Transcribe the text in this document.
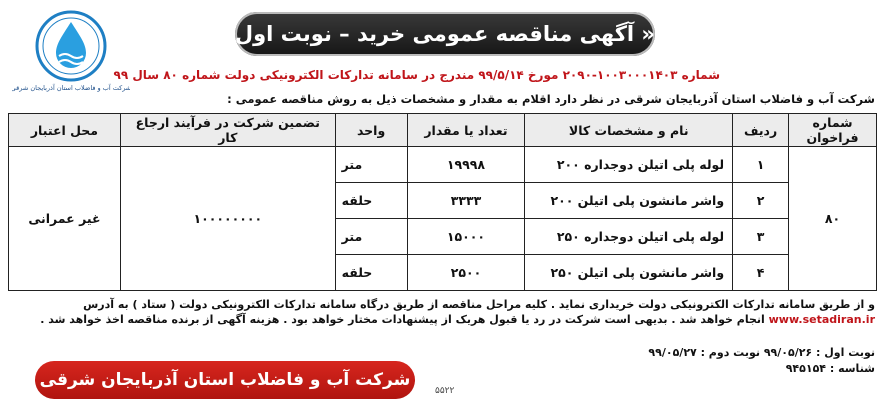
« آگهی مناقصه عمومی خرید – نوبت اول »
شرکت آب و فاضلاب استان آذربایجان شرقی
شماره ۱۰۰۳۰۰۰۱۴۰۳-۲۰۹۰ مورخ ۹۹/۵/۱۴ مندرج در سامانه تدارکات الکترونیکی دولت شماره ۸۰ سال ۹۹
شرکت آب و فاضلاب استان آذربایجان شرقی در نظر دارد اقلام به مقدار و مشخصات ذیل به روش مناقصه عمومی :
شماره فراخوان	ردیف	نام و مشخصات کالا	تعداد یا مقدار	واحد	تضمین شرکت در فرآیند ارجاع کار	محل اعتبار
۸۰	۱	لوله پلی اتیلن دوجداره ۲۰۰	۱۹۹۹۸	متر	۱۰۰۰۰۰۰۰۰	غیر عمرانی
	۲	واشر مانشون پلی اتیلن ۲۰۰	۳۳۳۳	حلقه		
	۳	لوله پلی اتیلن دوجداره ۲۵۰	۱۵۰۰۰	متر		
	۴	واشر مانشون پلی اتیلن ۲۵۰	۲۵۰۰	حلقه		

و از طریق سامانه تدارکات الکترونیکی دولت خریداری نماید . کلیه مراحل مناقصه از طریق درگاه سامانه تدارکات الکترونیکی دولت ( ستاد ) به آدرس

www.setadiran.ir انجام خواهد شد . بدیهی است شرکت در رد یا قبول هریک از پیشنهادات مختار خواهد بود . هزینه آگهی از برنده مناقصه اخذ خواهد شد .

نوبت اول : ۹۹/۰۵/۲۶ نوبت دوم : ۹۹/۰۵/۲۷

شناسه : ۹۴۵۱۵۴

شرکت آب و فاضلاب استان آذربایجان شرقی
۵۵۲۲
